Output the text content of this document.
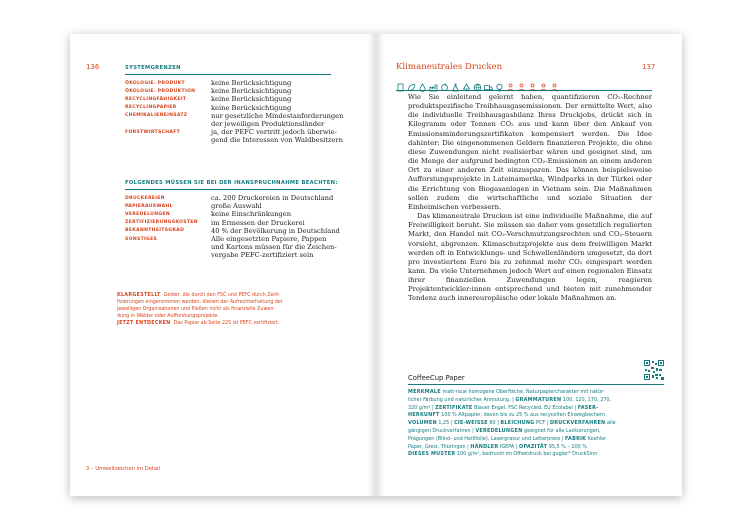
136	SYSTEMGRENZEN
ÖKOLOGIE. PRODUKT	keine Berücksichtigung
ÖKOLOGIE. PRODUKTION	keine Berücksichtigung
RECYCLINGFÄHIGKEIT	keine Berücksichtigung
RECYCLINGPAPIER	keine Berücksichtigung
CHEMIKALIENEINSATZ	nur gesetzliche Mindestanforderungen
der jeweiligen Produktionsländer
FORSTWIRTSCHAFT	ja, der PEFC vertritt jedoch überwie-
gend die Interessen von Waldbesitzern
FOLGENDES MÜSSEN SIE BEI DER INANSPRUCHNAHME BEACHTEN:
DRUCKEREIEN	ca. 200 Druckereien in Deutschland
PAPIERAUSWAHL	große Auswahl
VEREDELUNGEN	keine Einschränkungen
ZERTIFIZIERUNGSKOSTEN	im Ermessen der Druckerei
BEKANNTHEITSGRAD	40 % der Bevölkerung in Deutschland
SONSTIGES	Alle eingesetzten Papiere, Pappen
und Kartons müssen für die Zeichen-
vergabe PEFC-zertifiziert sein
KLARGESTELLT Gelder, die durch den FSC und PEFC durch Zerti-
fizierungen eingenommen werden, dienen der Aufrechterhaltung der
jeweiligen Organisationen und fließen nicht als finanzielle Zuwen-
dung in Wälder oder Aufforstungsprojekte.
JETZT ENTDECKEN Das Papier ab Seite 225 ist PEFC-zertifiziert.
3 – Umweltzeichen im Detail
Klimaneutrales Drucken	137

Wie Sie einleitend gelernt haben, quantifizieren CO₂-Rechner produktspezifische Treibhausgasemissionen. Der ermittelte Wert, also die individuelle Treibhausgasbilanz Ihres Druckjobs, drückt sich in Kilogramm oder Tonnen CO₂ aus und kann über den Ankauf von Emissionsminderungszertifikaten kompensiert werden. Die Idee dahinter: Die eingenommenen Geldern finanzieren Projekte, die ohne diese Zuwendungen nicht realisierbar wären und geeignet sind, um die Menge der aufgrund bedingten CO₂-Emissionen an einem anderen Ort zu einer anderen Zeit einzusparen. Das können beispielsweise Aufforstungsprojekte in Lateinamerika, Windparks in der Türkei oder die Errichtung von Biogasanlagen in Vietnam sein. Die Maßnahmen sollen zudem die wirtschaftliche und soziale Situation der Einheimischen verbessern.

Das klimaneutrale Drucken ist eine individuelle Maßnahme, die auf Freiwilligkeit beruht. Sie müssen sie daher vom gesetzlich regulierten Markt, den Handel mit CO₂-Verschmutzungsrechten und CO₂-Steuern vorsieht, abgrenzen. Klimaschutzprojekte aus dem freiwilligen Markt werden oft in Entwicklungs- und Schwellenländern umgesetzt, da dort pro investiertem Euro bis zu zehnmal mehr CO₂ eingespart werden kann. Da viele Unternehmen jedoch Wert auf einen regionalen Einsatz ihrer finanziellen Zuwendungen legen, reagieren Projektentwickler:innen entsprechend und bieten mit zunehmender Tendenz auch innereuropäische oder lokale Maßnahmen an.

CoffeeCup Paper
MERKMALE matt-raue homogene Oberfläche, Naturpapiercharakter mit natür-
licher Färbung und natürlicher Anmutung. | GRAMMATUREN 100, 120, 170, 270,
320 g/m² | ZERTIFIKATE Blauer Engel, FSC Recycled, EU Ecolabel | FASER-
HERKUNFT 100 % Altpapier, davon bis zu 25 % aus recycelten Einwegbechern
VOLUMEN 1,25 | CIE-WEISSE 80 | BLEICHUNG PCF | DRUCKVERFAHREN alle
gängigen Druckverfahren | VEREDELUNGEN geeignet für alle Lackierungen,
Prägungen (Blind- und Heißfolie), Lasergravur und Letterpress | FABRIK Koehler
Paper, Greiz, Thüringen | HÄNDLER IGEPA | OPAZITÄT 95,5 % – 100 %
DIESES MUSTER 100 g/m², bedruckt im Offsetdruck bei gugler* DruckSinn
